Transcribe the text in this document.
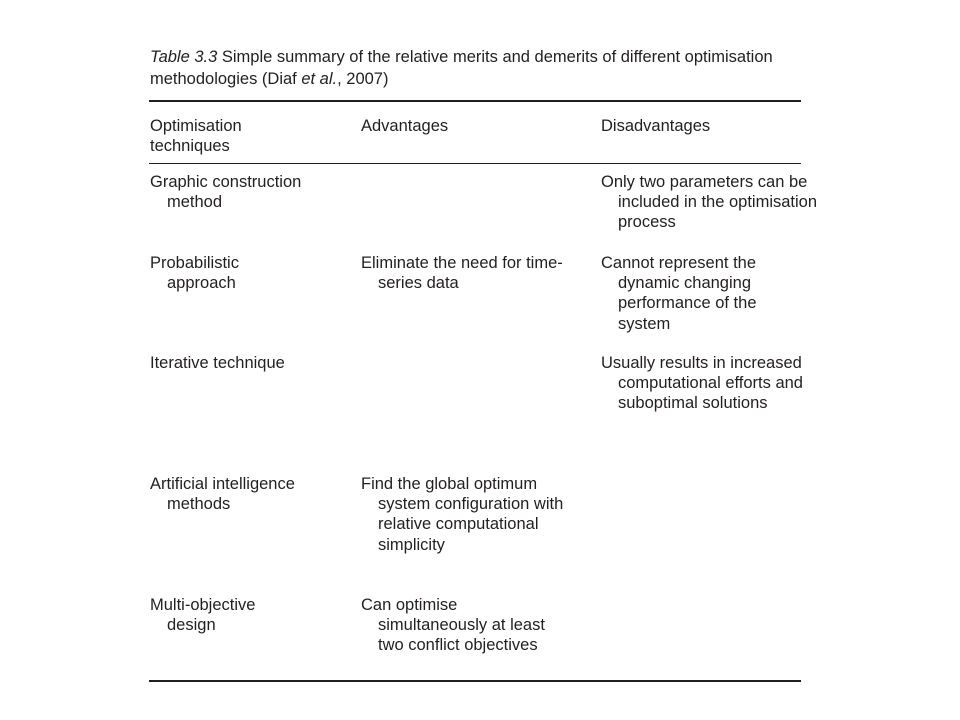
Table 3.3 Simple summary of the relative merits and demerits of different optimisation methodologies (Diaf et al., 2007)
Optimisation techniques
Advantages	Disadvantages
Graphic construction method
Only two parameters can be included in the optimisation process
Probabilistic approach
Eliminate the need for time-series data
Cannot represent the dynamic changing performance of the system
Iterative technique	Usually results in increased computational efforts and suboptimal solutions
Artificial intelligence methods
Find the global optimum system configuration with relative computational simplicity
Multi-objective design
Can optimise simultaneously at least two conflict objectives
